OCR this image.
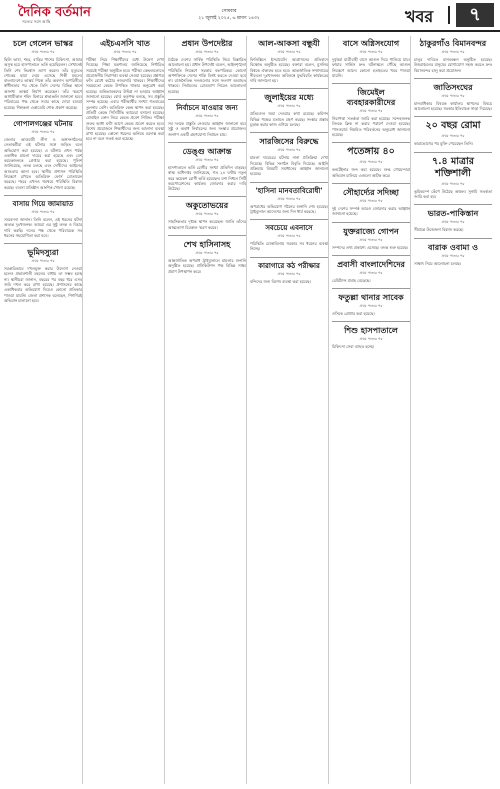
দৈনিক বর্তমান
সত্যের সঙ্গে আছি
সোমবার
২১ জুলাই ২০২৫, ৬ শ্রাবণ ১৪৩২	খবর	৭
চলে গেলেন ভাস্কর
প্রথম পাতার পর
ছিলি ভাষা, শহর, বাড়ির পাশের চিকিৎসা, আমার অসুস্থ হয়ে হাসপাতালে ভর্তি হয়েছিলেন। সেখানেই তিনি শেষ নিঃশ্বাস ত্যাগ করেন। তাঁর মৃত্যুতে শোকের ছায়া নেমে এসেছে শিল্পী মহলে। বাংলাদেশের ভাস্কর্য শিল্পে তাঁর অবদান অপরিসীম। স্বাধীনতার পর থেকে তিনি দেশের বিভিন্ন স্থানে অসংখ্য ভাস্কর্য নির্মাণ করেছেন। তাঁর স্মরণে আগামীকাল শহিদ মিনারে শ্রদ্ধাঞ্জলি জানানো হবে। পরিবারের পক্ষ থেকে সবার কাছে দোয়া চাওয়া হয়েছে। শিল্পকলা একাডেমি শোক প্রকাশ করেছে।
গোপালগঞ্জের ঘটনায়
প্রথম পাতার পর
জেলার আওয়ামী লীগ ও অঙ্গসংগঠনের নেতাকর্মীরা এই ঘটনার সঙ্গে জড়িত বলে অভিযোগ করা হয়েছে। এ ঘটনায় এখন পর্যন্ত একাধিক মামলা দায়ের করা হয়েছে এবং বেশ কয়েকজনকে গ্রেপ্তার করা হয়েছে। পুলিশ জানিয়েছে, তদন্ত চলছে এবং দোষীদের আইনের আওতায় আনা হবে। স্থানীয় প্রশাসন পরিস্থিতি নিয়ন্ত্রণে রাখতে অতিরিক্ত ফোর্স মোতায়েন করেছে। শহরে এখনও থমথমে পরিস্থিতি বিরাজ করছে। ব্যবসা প্রতিষ্ঠান আংশিক খোলা রয়েছে।
বাসায় গিয়ে জামায়াত
প্রথম পাতার পর
সমবেদনা জানান। তিনি বলেন, এই ধরনের ঘটনা অত্যন্ত দুঃখজনক। আমরা এর সুষ্ঠু তদন্ত ও বিচার দাবি করছি। দলের পক্ষ থেকে পরিবারকে সব ধরনের সহযোগিতা করা হবে।
ভূমিদস্যুরা
প্রথম পাতার পর
সরকারিভাবে দখলমুক্ত করার উদ্যোগ নেওয়া হলেও প্রভাবশালী মহলের বাধায় তা সম্ভব হচ্ছে না। স্থানীয়রা জানান, বছরের পর বছর ধরে এসব জমি দখল করে রাখা হয়েছে। প্রশাসনের কাছে একাধিকবার অভিযোগ দিয়েও কোনো প্রতিকার পাওয়া যায়নি। জেলা প্রশাসক বলেছেন, শিগগিরই অভিযান চালানো হবে।
এইচএসসি খাত
প্রথম পাতার পর
পরীক্ষা নিয়ে শিক্ষার্থীদের মধ্যে উদ্বেগ দেখা দিয়েছে। শিক্ষা মন্ত্রণালয় জানিয়েছে নির্ধারিত সময়েই পরীক্ষা অনুষ্ঠিত হবে। পরীক্ষা কেন্দ্রগুলোতে প্রয়োজনীয় নিরাপত্তা ব্যবস্থা নেওয়া হয়েছে। প্রশ্নপত্র ফাঁস রোধে কঠোর নজরদারি থাকবে। শিক্ষার্থীদের সময়মতো কেন্দ্রে উপস্থিত থাকার অনুরোধ করা হয়েছে। অভিভাবকদের উদ্বিগ্ন না হওয়ার আহ্বান জানানো হয়েছে। বোর্ড কর্তৃপক্ষ বলছে, সব প্রস্তুতি সম্পন্ন হয়েছে। এবার পরীক্ষার্থীর সংখ্যা গতবারের তুলনায় বেশি। অতিরিক্ত কেন্দ্র স্থাপন করা হয়েছে। প্রতিটি কেন্দ্রে সিসিটিভি ক্যামেরা বসানো হয়েছে। মোবাইল ফোন নিয়ে কেন্দ্রে প্রবেশ নিষিদ্ধ। পরীক্ষা শুরুর আধা ঘণ্টা আগে কেন্দ্রে প্রবেশ করতে হবে। বিশেষ প্রয়োজনে শিক্ষার্থীদের জন্য আলাদা ব্যবস্থা রাখা হয়েছে। কোনো ধরনের অনিয়ম বরদাস্ত করা হবে না বলে সতর্ক করা হয়েছে।
প্রধান উপদেষ্টার
প্রথম পাতার পর
বৈঠকে দেশের সার্বিক পরিস্থিতি নিয়ে বিস্তারিত আলোচনা হয়। প্রধান উপদেষ্টা বলেন, আইনশৃঙ্খলা পরিস্থিতি নিয়ন্ত্রণে সরকার বদ্ধপরিকর। কোনো অপশক্তিকে দেশের শান্তি বিনষ্ট করতে দেওয়া হবে না। রাজনৈতিক দলগুলোর সঙ্গে সংলাপ অব্যাহত থাকবে। নির্বাচনের রোডম্যাপ নিয়েও আলোচনা হয়েছে।
নির্বাচনে যাওয়ার জন্য
প্রথম পাতার পর
সব দলকে প্রস্তুতি নেওয়ার আহ্বান জানানো হয়। সুষ্ঠু ও অবাধ নির্বাচনের জন্য সংস্কার প্রয়োজন। জনগণ একটি গ্রহণযোগ্য নির্বাচন চায়।
ডেঙ্গু আক্রান্ত
প্রথম পাতার পর
হাসপাতালে ভর্তি রোগীর সংখ্যা প্রতিদিন বাড়ছে। স্বাস্থ্য অধিদপ্তর জানিয়েছে, গত ২৪ ঘণ্টায় নতুন করে কয়েকশ রোগী ভর্তি হয়েছেন। মশা নিধনে সিটি করপোরেশনের কার্যক্রম জোরদার করার দাবি উঠেছে।
অকুতোভয়ের
প্রথম পাতার পর
সাহসিকতার দৃষ্টান্ত স্থাপন করেছেন। জাতি তাঁদের আত্মত্যাগ চিরকাল স্মরণ করবে।
শেখ হাসিনাসহ
প্রথম পাতার পর
আন্তর্জাতিক অপরাধ ট্রাইব্যুনালে মামলার শুনানি অনুষ্ঠিত হয়েছে। প্রসিকিউশন পক্ষ বিভিন্ন সাক্ষ্য প্রমাণ উপস্থাপন করে।
আল-আকসা বন্ধুযী
প্রথম পাতার পর
ফিলিস্তিনে ইসরায়েলি আগ্রাসনের প্রতিবাদে বিক্ষোভ অনুষ্ঠিত হয়েছে। বক্তারা বলেন, মুসলিম বিশ্বকে ঐক্যবদ্ধ হতে হবে। আন্তর্জাতিক সম্প্রদায়ের নীরবতা দুঃখজনক। অবিলম্বে যুদ্ধবিরতি কার্যকরের দাবি জানানো হয়।
জুলাইয়ের মধ্যে
প্রথম পাতার পর
প্রতিবেদন জমা দেওয়ার কথা রয়েছে। কমিশন বিভিন্ন পক্ষের মতামত গ্রহণ করছে। সংস্কার প্রস্তাব চূড়ান্ত করার কাজ এগিয়ে চলছে।
সারজিসের বিরুদ্ধে
প্রথম পাতার পর
মামলা দায়েরের ঘটনায় নানা প্রতিক্রিয়া দেখা দিয়েছে। বিভিন্ন সংগঠন বিবৃতি দিয়েছে। আইনি প্রক্রিয়ায় বিষয়টি সমাধানের আহ্বান জানানো হয়েছে।
'হাসিনা মানবতাবিরোধী'
প্রথম পাতার পর
অপরাধের অভিযোগ গঠনের শুনানি শেষ হয়েছে। ট্রাইব্যুনাল আদেশের জন্য দিন ধার্য করেছে।
সবচেয়ে এবনাসে
প্রথম পাতার পর
পরিস্থিতি মোকাবিলায় সরকার সব ধরনের ব্যবস্থা নিচ্ছে।
কারাগারে কঠ পরীক্ষার
প্রথম পাতার পর
বন্দিদের জন্য বিশেষ ব্যবস্থা করা হয়েছে।
বাসে অগ্নিসংযোগ
প্রথম পাতার পর
দুর্বৃত্তরা যাত্রীবাহী বাসে আগুন দিয়ে পালিয়ে যায়। ফায়ার সার্ভিস দ্রুত ঘটনাস্থলে পৌঁছে আগুন নিয়ন্ত্রণে আনে। কোনো হতাহতের খবর পাওয়া যায়নি।
জিমেইল ব্যবহারকারীদের
প্রথম পাতার পর
নিরাপত্তা সতর্কতা জারি করা হয়েছে। সন্দেহজনক লিংকে ক্লিক না করার পরামর্শ দেওয়া হয়েছে। পাসওয়ার্ড নিয়মিত পরিবর্তনের অনুরোধ জানানো হয়েছে।
পতেঙ্গায় ৪০
প্রথম পাতার পর
কনটেইনার জব্দ করা হয়েছে। শুল্ক গোয়েন্দারা অভিযান চালিয়ে এগুলো আটক করে।
সৌহার্দ্যের সদিচ্ছা
প্রথম পাতার পর
দুই দেশের সম্পর্ক আরও জোরদার করার আহ্বান জানানো হয়েছে।
যুক্তরাজ্যে গোপন
প্রথম পাতার পর
সম্পদের তথ্য প্রকাশ্যে এসেছে। তদন্ত শুরু হয়েছে।
প্রবাসী বাংলাদেশিদের
প্রথম পাতার পর
রেমিট্যান্স প্রবাহ বেড়েছে।
ফতুল্লা থানার সাবেক
প্রথম পাতার পর
ওসিকে গ্রেপ্তার করা হয়েছে।
শিশু হাসপাতালে
প্রথম পাতার পর
চিকিৎসা সেবা ব্যাহত হচ্ছে।
ঠাকুরগাঁও বিমানবন্দর
প্রথম পাতার পর
চালুর দাবিতে মানববন্ধন অনুষ্ঠিত হয়েছে। উত্তরাঞ্চলের মানুষের যোগাযোগ সহজ করতে দ্রুত বিমানবন্দর চালু করা প্রয়োজন।
জাতিসংঘের
প্রথম পাতার পর
মানবাধিকার বিষয়ক কার্যালয় স্থাপনের বিষয়ে আলোচনা হয়েছে। সরকার ইতিবাচক সাড়া দিয়েছে।
২০ বছর রোমা
প্রথম পাতার পর
কারাভোগের পর মুক্তি পেয়েছেন তিনি।
৭.৪ মাত্রার শক্তিশালী
প্রথম পাতার পর
ভূমিকম্পে কেঁপে উঠেছে অঞ্চল। সুনামি সতর্কতা জারি করা হয়।
ভারত-পাকিস্তান
প্রথম পাতার পর
সীমান্তে উত্তেজনা বিরাজ করছে।
বারাক ওবামা ও
প্রথম পাতার পর
সাক্ষাৎ নিয়ে আলোচনা চলছে।
